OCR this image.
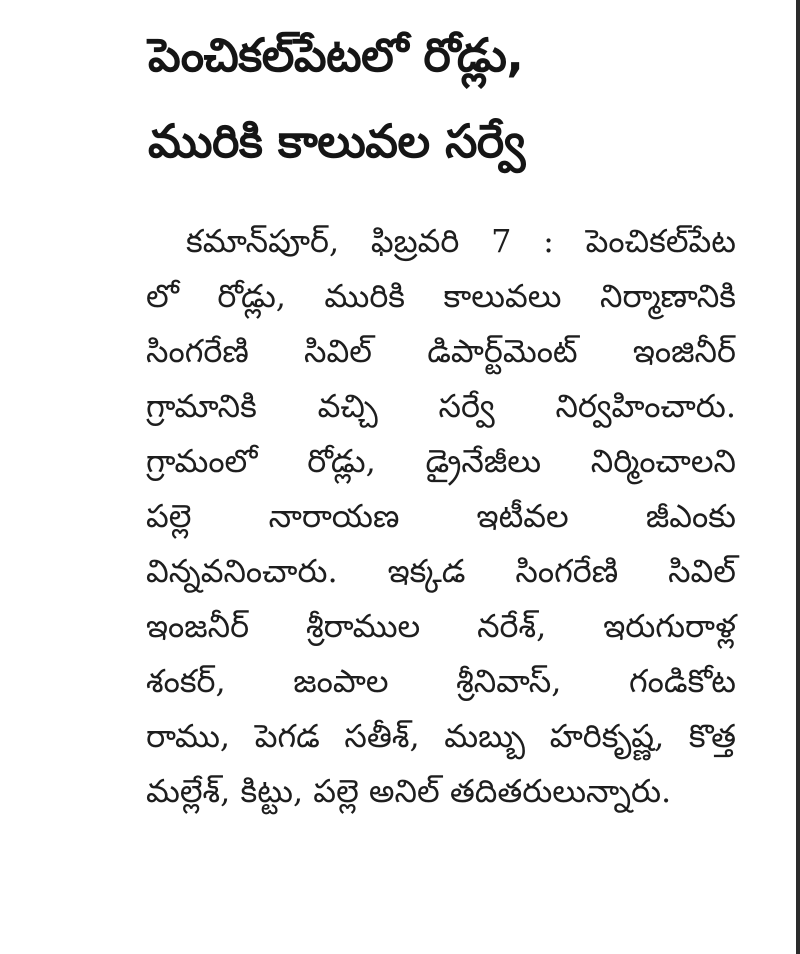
పెంచికల్‌పేటలో రోడ్లు,
మురికి కాలువల సర్వే
కమాన్‌పూర్‌, ఫిబ్రవరి 7 : పెంచికల్‌పేట
లో రోడ్లు, మురికి కాలువలు నిర్మాణానికి
సింగరేణి సివిల్‌ డిపార్ట్‌మెంట్‌ ఇంజినీర్‌
గ్రామానికి వచ్చి సర్వే నిర్వహించారు.
గ్రామంలో రోడ్లు, డ్రైనేజీలు నిర్మించాలని
పల్లె నారాయణ ఇటీవల జీఎంకు
విన్నవనించారు. ఇక్కడ సింగరేణి సివిల్‌
ఇంజనీర్‌ శ్రీరాముల నరేశ్‌, ఇరుగురాళ్ల
శంకర్‌, జంపాల శ్రీనివాస్‌, గండికోట
రాము, పెగడ సతీశ్‌, మబ్బు హరికృష్ణ, కొత్త
మల్లేశ్‌, కిట్టు, పల్లె అనిల్‌ తదితరులున్నారు.
